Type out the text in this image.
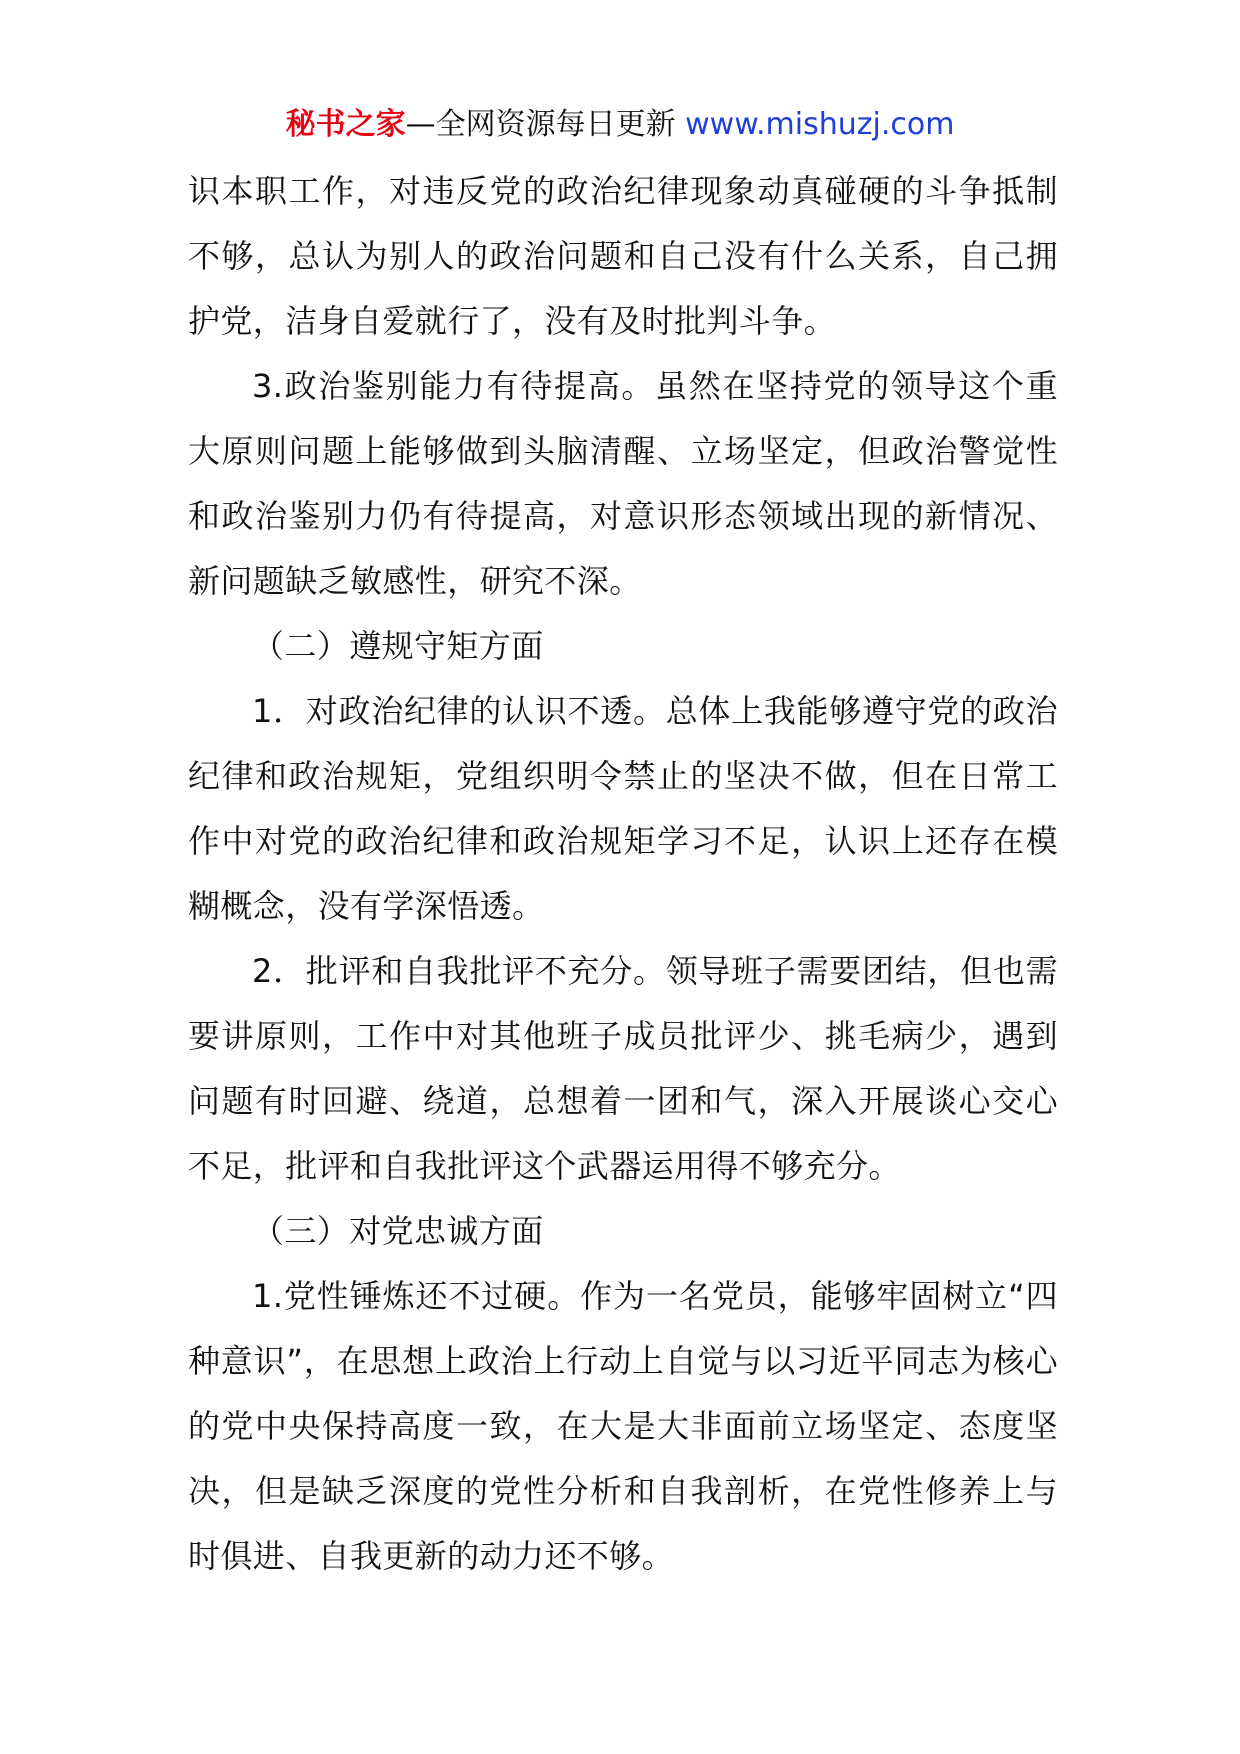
秘书之家—全网资源每日更新 www.mishuzj.com

识本职工作，对违反党的政治纪律现象动真碰硬的斗争抵制不够，总认为别人的政治问题和自己没有什么关系，自己拥护党，洁身自爱就行了，没有及时批判斗争。

3.政治鉴别能力有待提高。虽然在坚持党的领导这个重大原则问题上能够做到头脑清醒、立场坚定，但政治警觉性和政治鉴别力仍有待提高，对意识形态领域出现的新情况、新问题缺乏敏感性，研究不深。

（二）遵规守矩方面

1．对政治纪律的认识不透。总体上我能够遵守党的政治纪律和政治规矩，党组织明令禁止的坚决不做，但在日常工作中对党的政治纪律和政治规矩学习不足，认识上还存在模糊概念，没有学深悟透。

2．批评和自我批评不充分。领导班子需要团结，但也需要讲原则，工作中对其他班子成员批评少、挑毛病少，遇到问题有时回避、绕道，总想着一团和气，深入开展谈心交心不足，批评和自我批评这个武器运用得不够充分。

（三）对党忠诚方面

1.党性锤炼还不过硬。作为一名党员，能够牢固树立“四种意识”，在思想上政治上行动上自觉与以习近平同志为核心的党中央保持高度一致，在大是大非面前立场坚定、态度坚决，但是缺乏深度的党性分析和自我剖析，在党性修养上与时俱进、自我更新的动力还不够。
